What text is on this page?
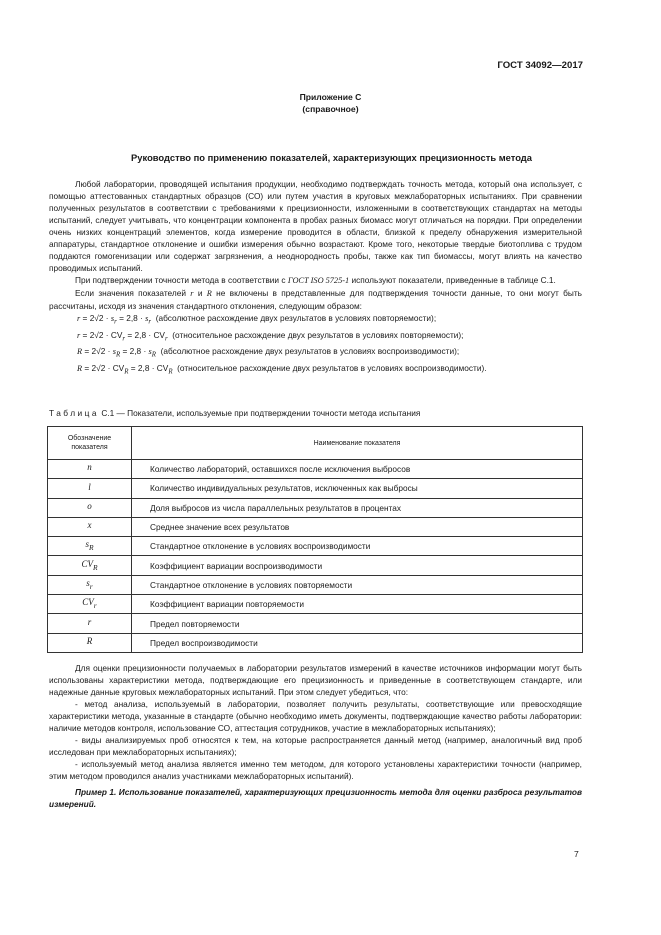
ГОСТ 34092—2017
Приложение С
(справочное)
Руководство по применению показателей, характеризующих прецизионность метода

Любой лаборатории, проводящей испытания продукции, необходимо подтверждать точность метода, который она использует, с помощью аттестованных стандартных образцов (СО) или путем участия в круговых межлабораторных испытаниях. При сравнении полученных результатов в соответствии с требованиями к прецизионности, изложенными в соответствующих стандартах на методы испытаний, следует учитывать, что концентрации компонента в пробах разных биомасс могут отличаться на порядки. При определении очень низких концентраций элементов, когда измерение проводится в области, близкой к пределу обнаружения измерительной аппаратуры, стандартное отклонение и ошибки измерения обычно возрастают. Кроме того, некоторые твердые биотоплива с трудом поддаются гомогенизации или содержат загрязнения, а неоднородность пробы, также как тип биомассы, могут влиять на качество проводимых испытаний.

При подтверждении точности метода в соответствии с ГОСТ ISO 5725-1 используют показатели, приведенные в таблице С.1.

Если значения показателей r и R не включены в представленные для подтверждения точности данные, то они могут быть рассчитаны, исходя из значения стандартного отклонения, следующим образом:

$r = 2√2 \cdot s_r = 2,8 \cdot s_r$ (абсолютное расхождение двух результатов в условиях повторяемости);

$r = 2√2 \cdot CV_r = 2,8 \cdot CV_r$ (относительное расхождение двух результатов в условиях повторяемости);

$R = 2√2 \cdot s_R = 2,8 \cdot s_R$ (абсолютное расхождение двух результатов в условиях воспроизводимости);

$R = 2√2 \cdot CV_R = 2,8 \cdot CV_R$ (относительное расхождение двух результатов в условиях воспроизводимости).

Таблица С.1 — Показатели, используемые при подтверждении точности метода испытания
Обозначение показателя	Наименование показателя
n	Количество лабораторий, оставшихся после исключения выбросов
l	Количество индивидуальных результатов, исключенных как выбросы
o	Доля выбросов из числа параллельных результатов в процентах
x	Среднее значение всех результатов
$s_R$	Стандартное отклонение в условиях воспроизводимости
$CV_R$	Коэффициент вариации воспроизводимости
$s_r$	Стандартное отклонение в условиях повторяемости
$CV_r$	Коэффициент вариации повторяемости
r	Предел повторяемости
R	Предел воспроизводимости

Для оценки прецизионности получаемых в лаборатории результатов измерений в качестве источников информации могут быть использованы характеристики метода, подтверждающие его прецизионность и приведенные в соответствующем стандарте, или надежные данные круговых межлабораторных испытаний. При этом следует убедиться, что:

- метод анализа, используемый в лаборатории, позволяет получить результаты, соответствующие или превосходящие характеристики метода, указанные в стандарте (обычно необходимо иметь документы, подтверждающие качество работы лаборатории: наличие методов контроля, использование СО, аттестация сотрудников, участие в межлабораторных испытаниях);

- виды анализируемых проб относятся к тем, на которые распространяется данный метод (например, аналогичный вид проб исследован при межлабораторных испытаниях);

- используемый метод анализа является именно тем методом, для которого установлены характеристики точности (например, этим методом проводился анализ участниками межлабораторных испытаний).

Пример 1. Использование показателей, характеризующих прецизионность метода для оценки разброса результатов измерений.

7
